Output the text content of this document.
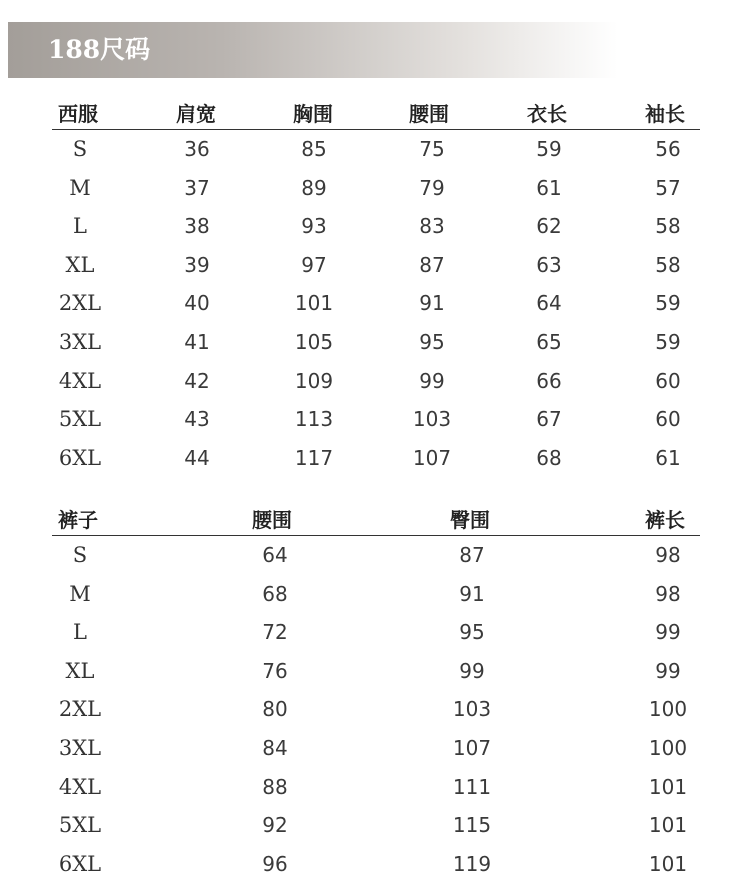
188尺码
西服	肩宽	胸围	腰围	衣长	袖长
S	36	85	75	59	56
M	37	89	79	61	57
L	38	93	83	62	58
XL	39	97	87	63	58
2XL	40	101	91	64	59
3XL	41	105	95	65	59
4XL	42	109	99	66	60
5XL	43	113	103	67	60
6XL	44	117	107	68	61
裤子	腰围	臀围	裤长
S	64	87	98
M	68	91	98
L	72	95	99
XL	76	99	99
2XL	80	103	100
3XL	84	107	100
4XL	88	111	101
5XL	92	115	101
6XL	96	119	101
